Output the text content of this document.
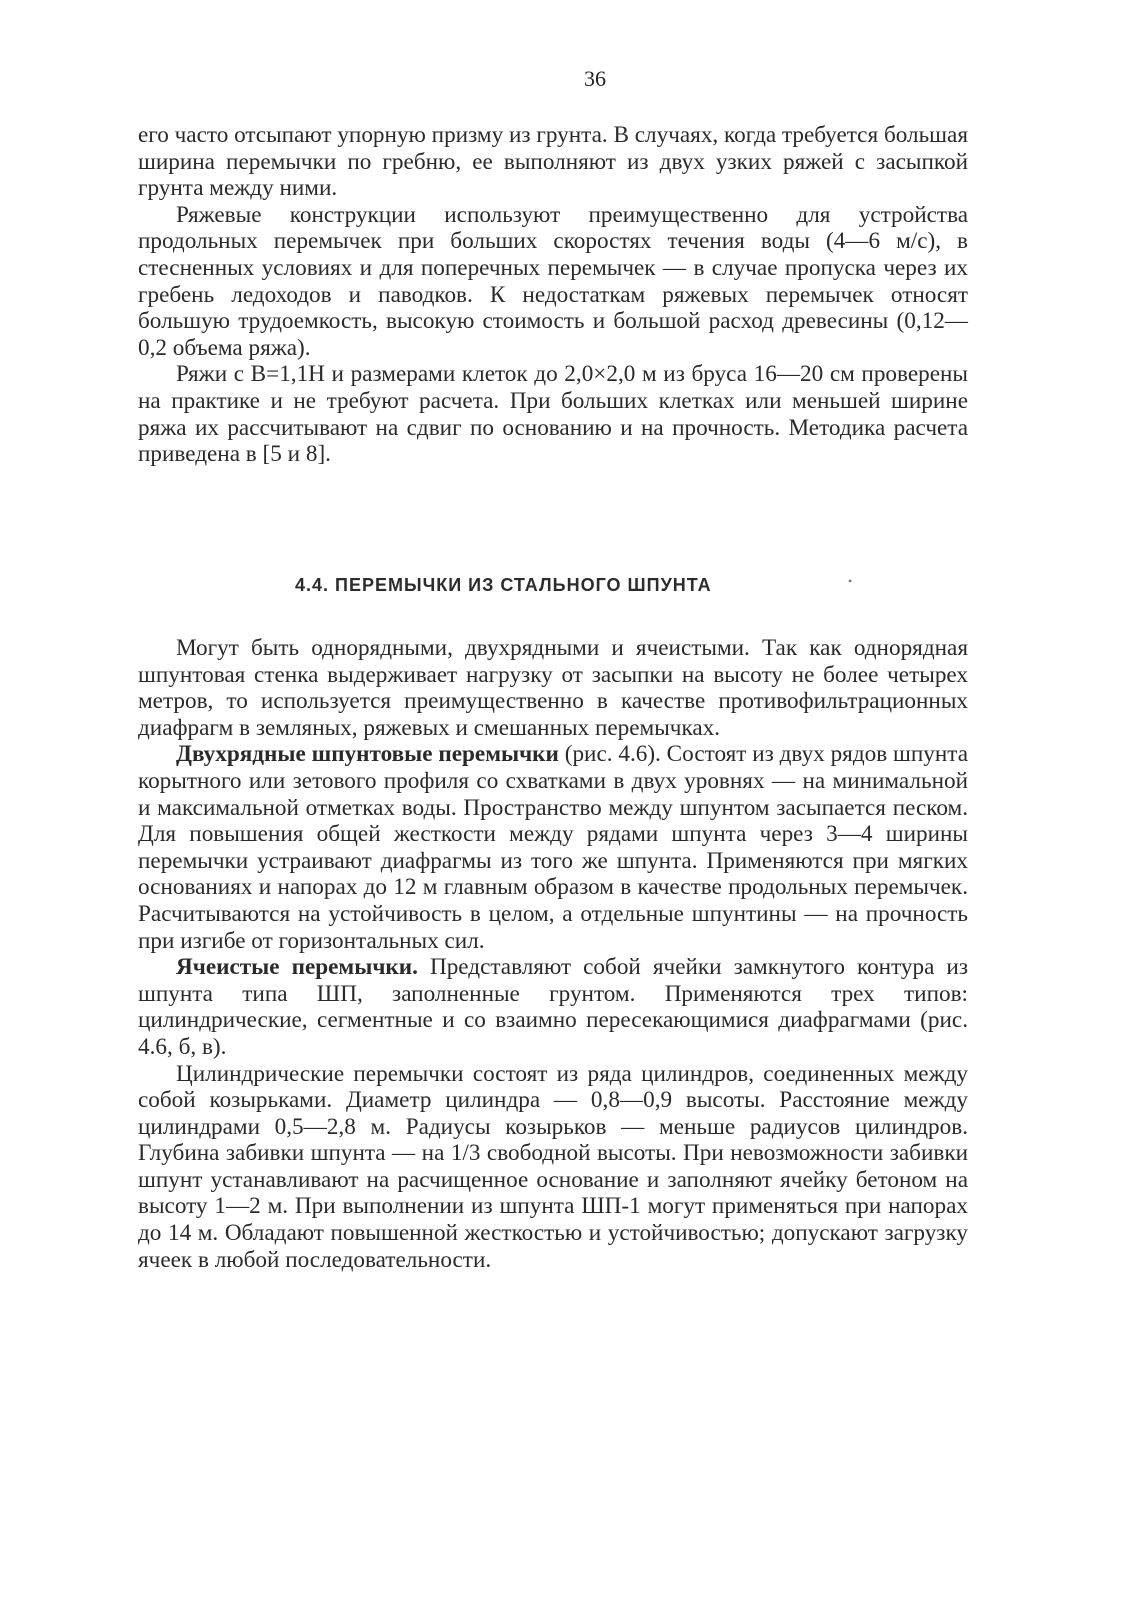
36

его часто отсыпают упорную призму из грунта. В случаях, когда требуется большая ширина перемычки по гребню, ее выполняют из двух узких ряжей с засыпкой грунта между ними.

Ряжевые конструкции используют преимущественно для устройства продольных перемычек при больших скоростях течения воды (4—6 м/с), в стесненных условиях и для поперечных перемычек — в случае пропуска через их гребень ледоходов и паводков. К недостаткам ряжевых перемычек относят большую трудоемкость, высокую стоимость и большой расход древесины (0,12—0,2 объема ряжа).

Ряжи с B=1,1H и размерами клеток до 2,0×2,0 м из бруса 16—20 см проверены на практике и не требуют расчета. При больших клетках или меньшей ширине ряжа их рассчитывают на сдвиг по основанию и на прочность. Методика расчета приведена в [5 и 8].

4.4. ПЕРЕМЫЧКИ ИЗ СТАЛЬНОГО ШПУНТА	•

Могут быть однорядными, двухрядными и ячеистыми. Так как однорядная шпунтовая стенка выдерживает нагрузку от засыпки на высоту не более четырех метров, то используется преимущественно в качестве противофильтрационных диафрагм в земляных, ряжевых и смешанных перемычках.

Двухрядные шпунтовые перемычки (рис. 4.6). Состоят из двух рядов шпунта корытного или зетового профиля со схватками в двух уровнях — на минимальной и максимальной отметках воды. Пространство между шпунтом засыпается песком. Для повышения общей жесткости между рядами шпунта через 3—4 ширины перемычки устраивают диафрагмы из того же шпунта. Применяются при мягких основаниях и напорах до 12 м главным образом в качестве продольных перемычек. Расчитываются на устойчивость в целом, а отдельные шпунтины — на прочность при изгибе от горизонтальных сил.

Ячеистые перемычки. Представляют собой ячейки замкнутого контура из шпунта типа ШП, заполненные грунтом. Применяются трех типов: цилиндрические, сегментные и со взаимно пересекающимися диафрагмами (рис. 4.6, б, в).

Цилиндрические перемычки состоят из ряда цилиндров, соединенных между собой козырьками. Диаметр цилиндра — 0,8—0,9 высоты. Расстояние между цилиндрами 0,5—2,8 м. Радиусы козырьков — меньше радиусов цилиндров. Глубина забивки шпунта — на 1/3 свободной высоты. При невозможности забивки шпунт устанавливают на расчищенное основание и заполняют ячейку бетоном на высоту 1—2 м. При выполнении из шпунта ШП-1 могут применяться при напорах до 14 м. Обладают повышенной жесткостью и устойчивостью; допускают загрузку ячеек в любой последовательности.
